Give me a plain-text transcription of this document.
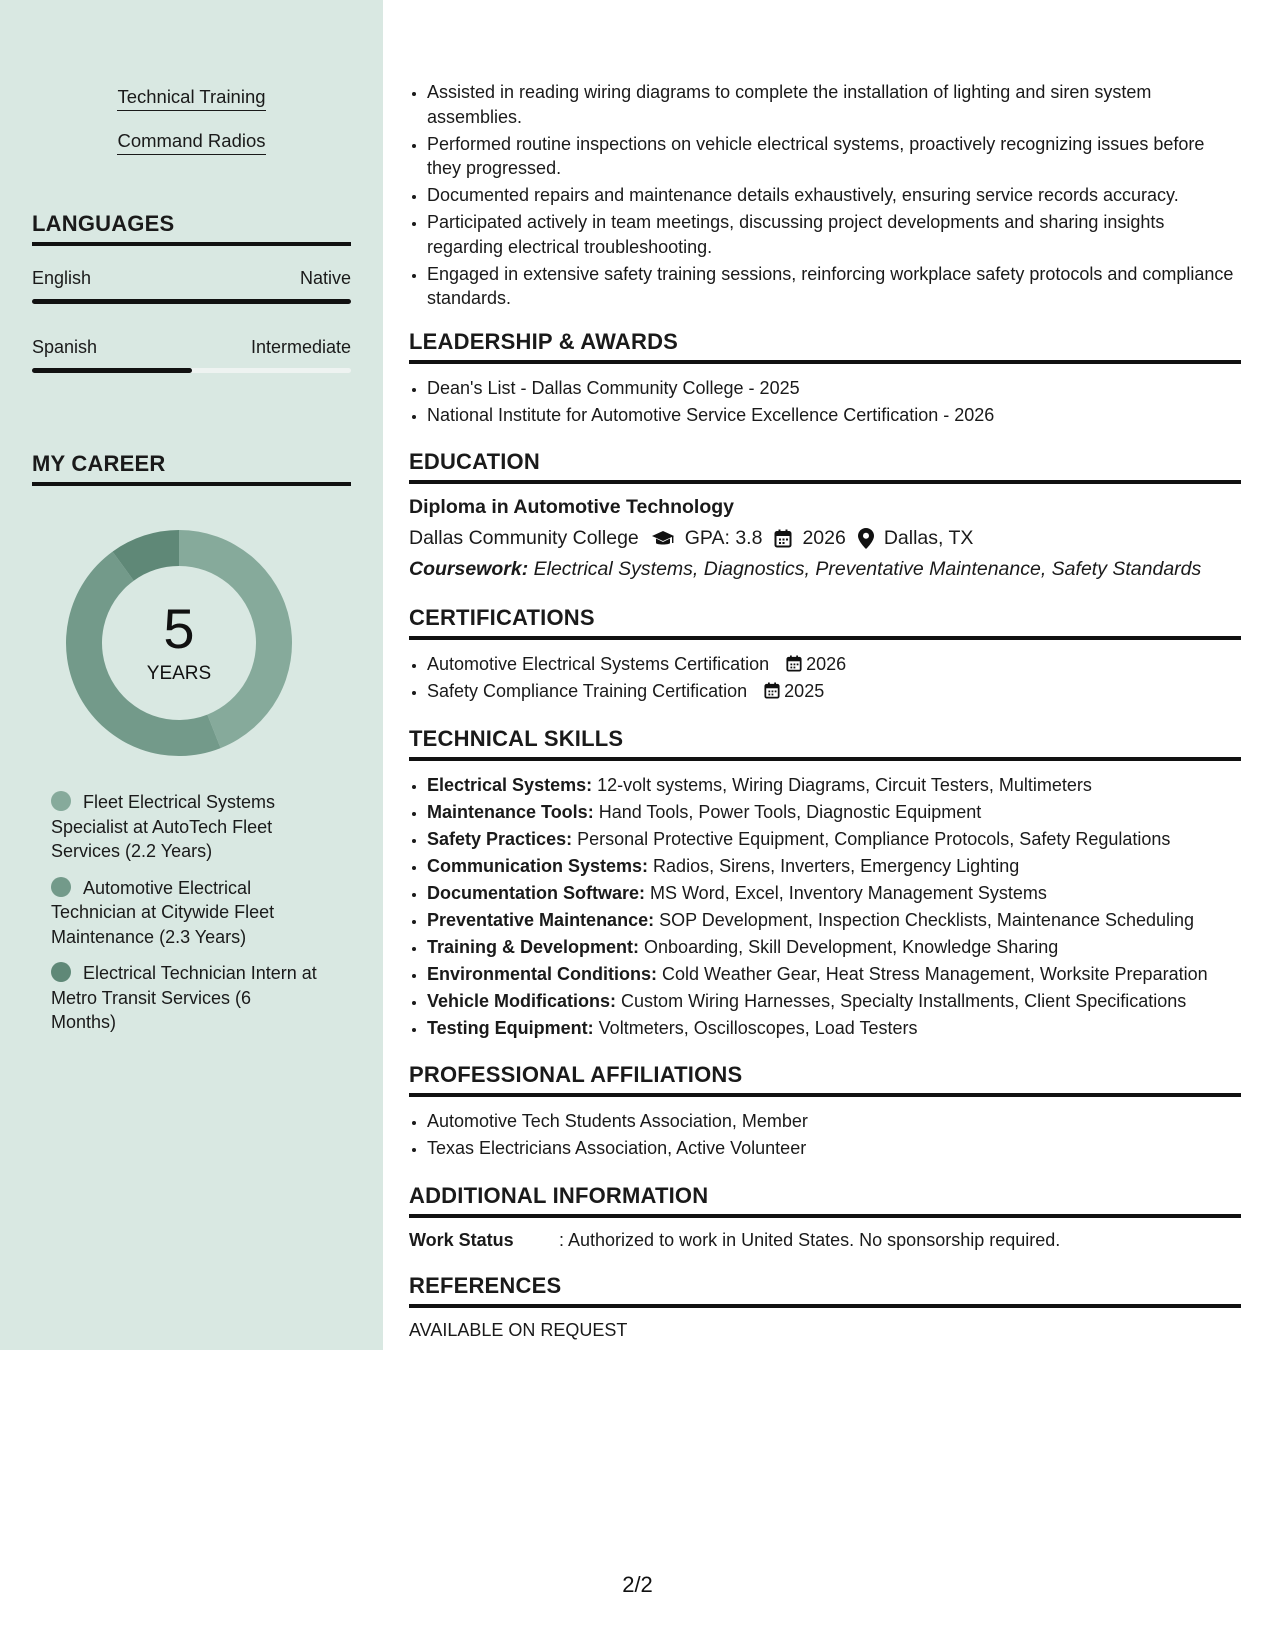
Technical Training
Command Radios
LANGUAGES
English	Native
Spanish	Intermediate
MY CAREER
5
YEARS
Fleet Electrical Systems Specialist at AutoTech Fleet Services (2.2 Years)
Automotive Electrical Technician at Citywide Fleet Maintenance (2.3 Years)
Electrical Technician Intern at Metro Transit Services (6 Months)
• Assisted in reading wiring diagrams to complete the installation of lighting and siren system assemblies.
• Performed routine inspections on vehicle electrical systems, proactively recognizing issues before they progressed.
• Documented repairs and maintenance details exhaustively, ensuring service records accuracy.
• Participated actively in team meetings, discussing project developments and sharing insights regarding electrical troubleshooting.
• Engaged in extensive safety training sessions, reinforcing workplace safety protocols and compliance standards.
LEADERSHIP & AWARDS
• Dean's List - Dallas Community College - 2025
• National Institute for Automotive Service Excellence Certification - 2026
EDUCATION
Diploma in Automotive Technology
Dallas Community College GPA: 3.8 2026 Dallas, TX
Coursework: Electrical Systems, Diagnostics, Preventative Maintenance, Safety Standards
CERTIFICATIONS
• Automotive Electrical Systems Certification 2026
• Safety Compliance Training Certification 2025
TECHNICAL SKILLS
• Electrical Systems: 12-volt systems, Wiring Diagrams, Circuit Testers, Multimeters
• Maintenance Tools: Hand Tools, Power Tools, Diagnostic Equipment
• Safety Practices: Personal Protective Equipment, Compliance Protocols, Safety Regulations
• Communication Systems: Radios, Sirens, Inverters, Emergency Lighting
• Documentation Software: MS Word, Excel, Inventory Management Systems
• Preventative Maintenance: SOP Development, Inspection Checklists, Maintenance Scheduling
• Training & Development: Onboarding, Skill Development, Knowledge Sharing
• Environmental Conditions: Cold Weather Gear, Heat Stress Management, Worksite Preparation
• Vehicle Modifications: Custom Wiring Harnesses, Specialty Installments, Client Specifications
• Testing Equipment: Voltmeters, Oscilloscopes, Load Testers
PROFESSIONAL AFFILIATIONS
• Automotive Tech Students Association, Member
• Texas Electricians Association, Active Volunteer
ADDITIONAL INFORMATION
Work Status	: Authorized to work in United States. No sponsorship required.
REFERENCES
AVAILABLE ON REQUEST
2/2
